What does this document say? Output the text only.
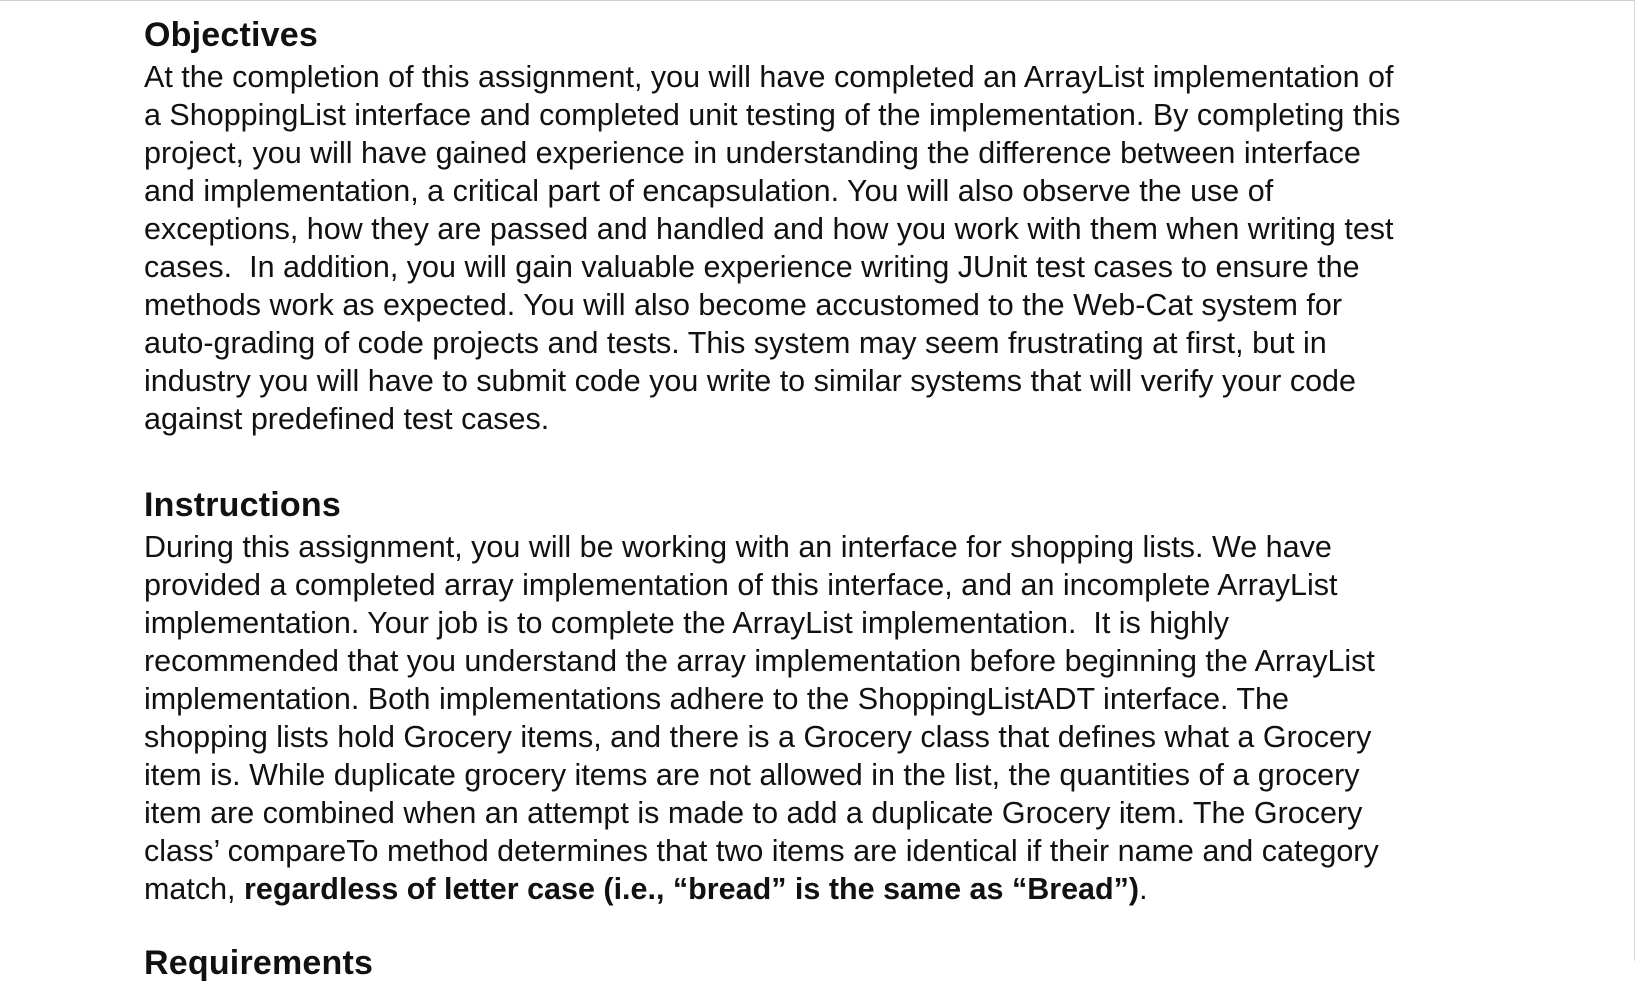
Objectives
At the completion of this assignment, you will have completed an ArrayList implementation of
a ShoppingList interface and completed unit testing of the implementation. By completing this
project, you will have gained experience in understanding the difference between interface
and implementation, a critical part of encapsulation. You will also observe the use of
exceptions, how they are passed and handled and how you work with them when writing test
cases.  In addition, you will gain valuable experience writing JUnit test cases to ensure the
methods work as expected. You will also become accustomed to the Web-Cat system for
auto-grading of code projects and tests. This system may seem frustrating at first, but in
industry you will have to submit code you write to similar systems that will verify your code
against predefined test cases.
Instructions
During this assignment, you will be working with an interface for shopping lists. We have
provided a completed array implementation of this interface, and an incomplete ArrayList
implementation. Your job is to complete the ArrayList implementation.  It is highly
recommended that you understand the array implementation before beginning the ArrayList
implementation. Both implementations adhere to the ShoppingListADT interface. The
shopping lists hold Grocery items, and there is a Grocery class that defines what a Grocery
item is. While duplicate grocery items are not allowed in the list, the quantities of a grocery
item are combined when an attempt is made to add a duplicate Grocery item. The Grocery
class’ compareTo method determines that two items are identical if their name and category
match, regardless of letter case (i.e., “bread” is the same as “Bread”).
Requirements
